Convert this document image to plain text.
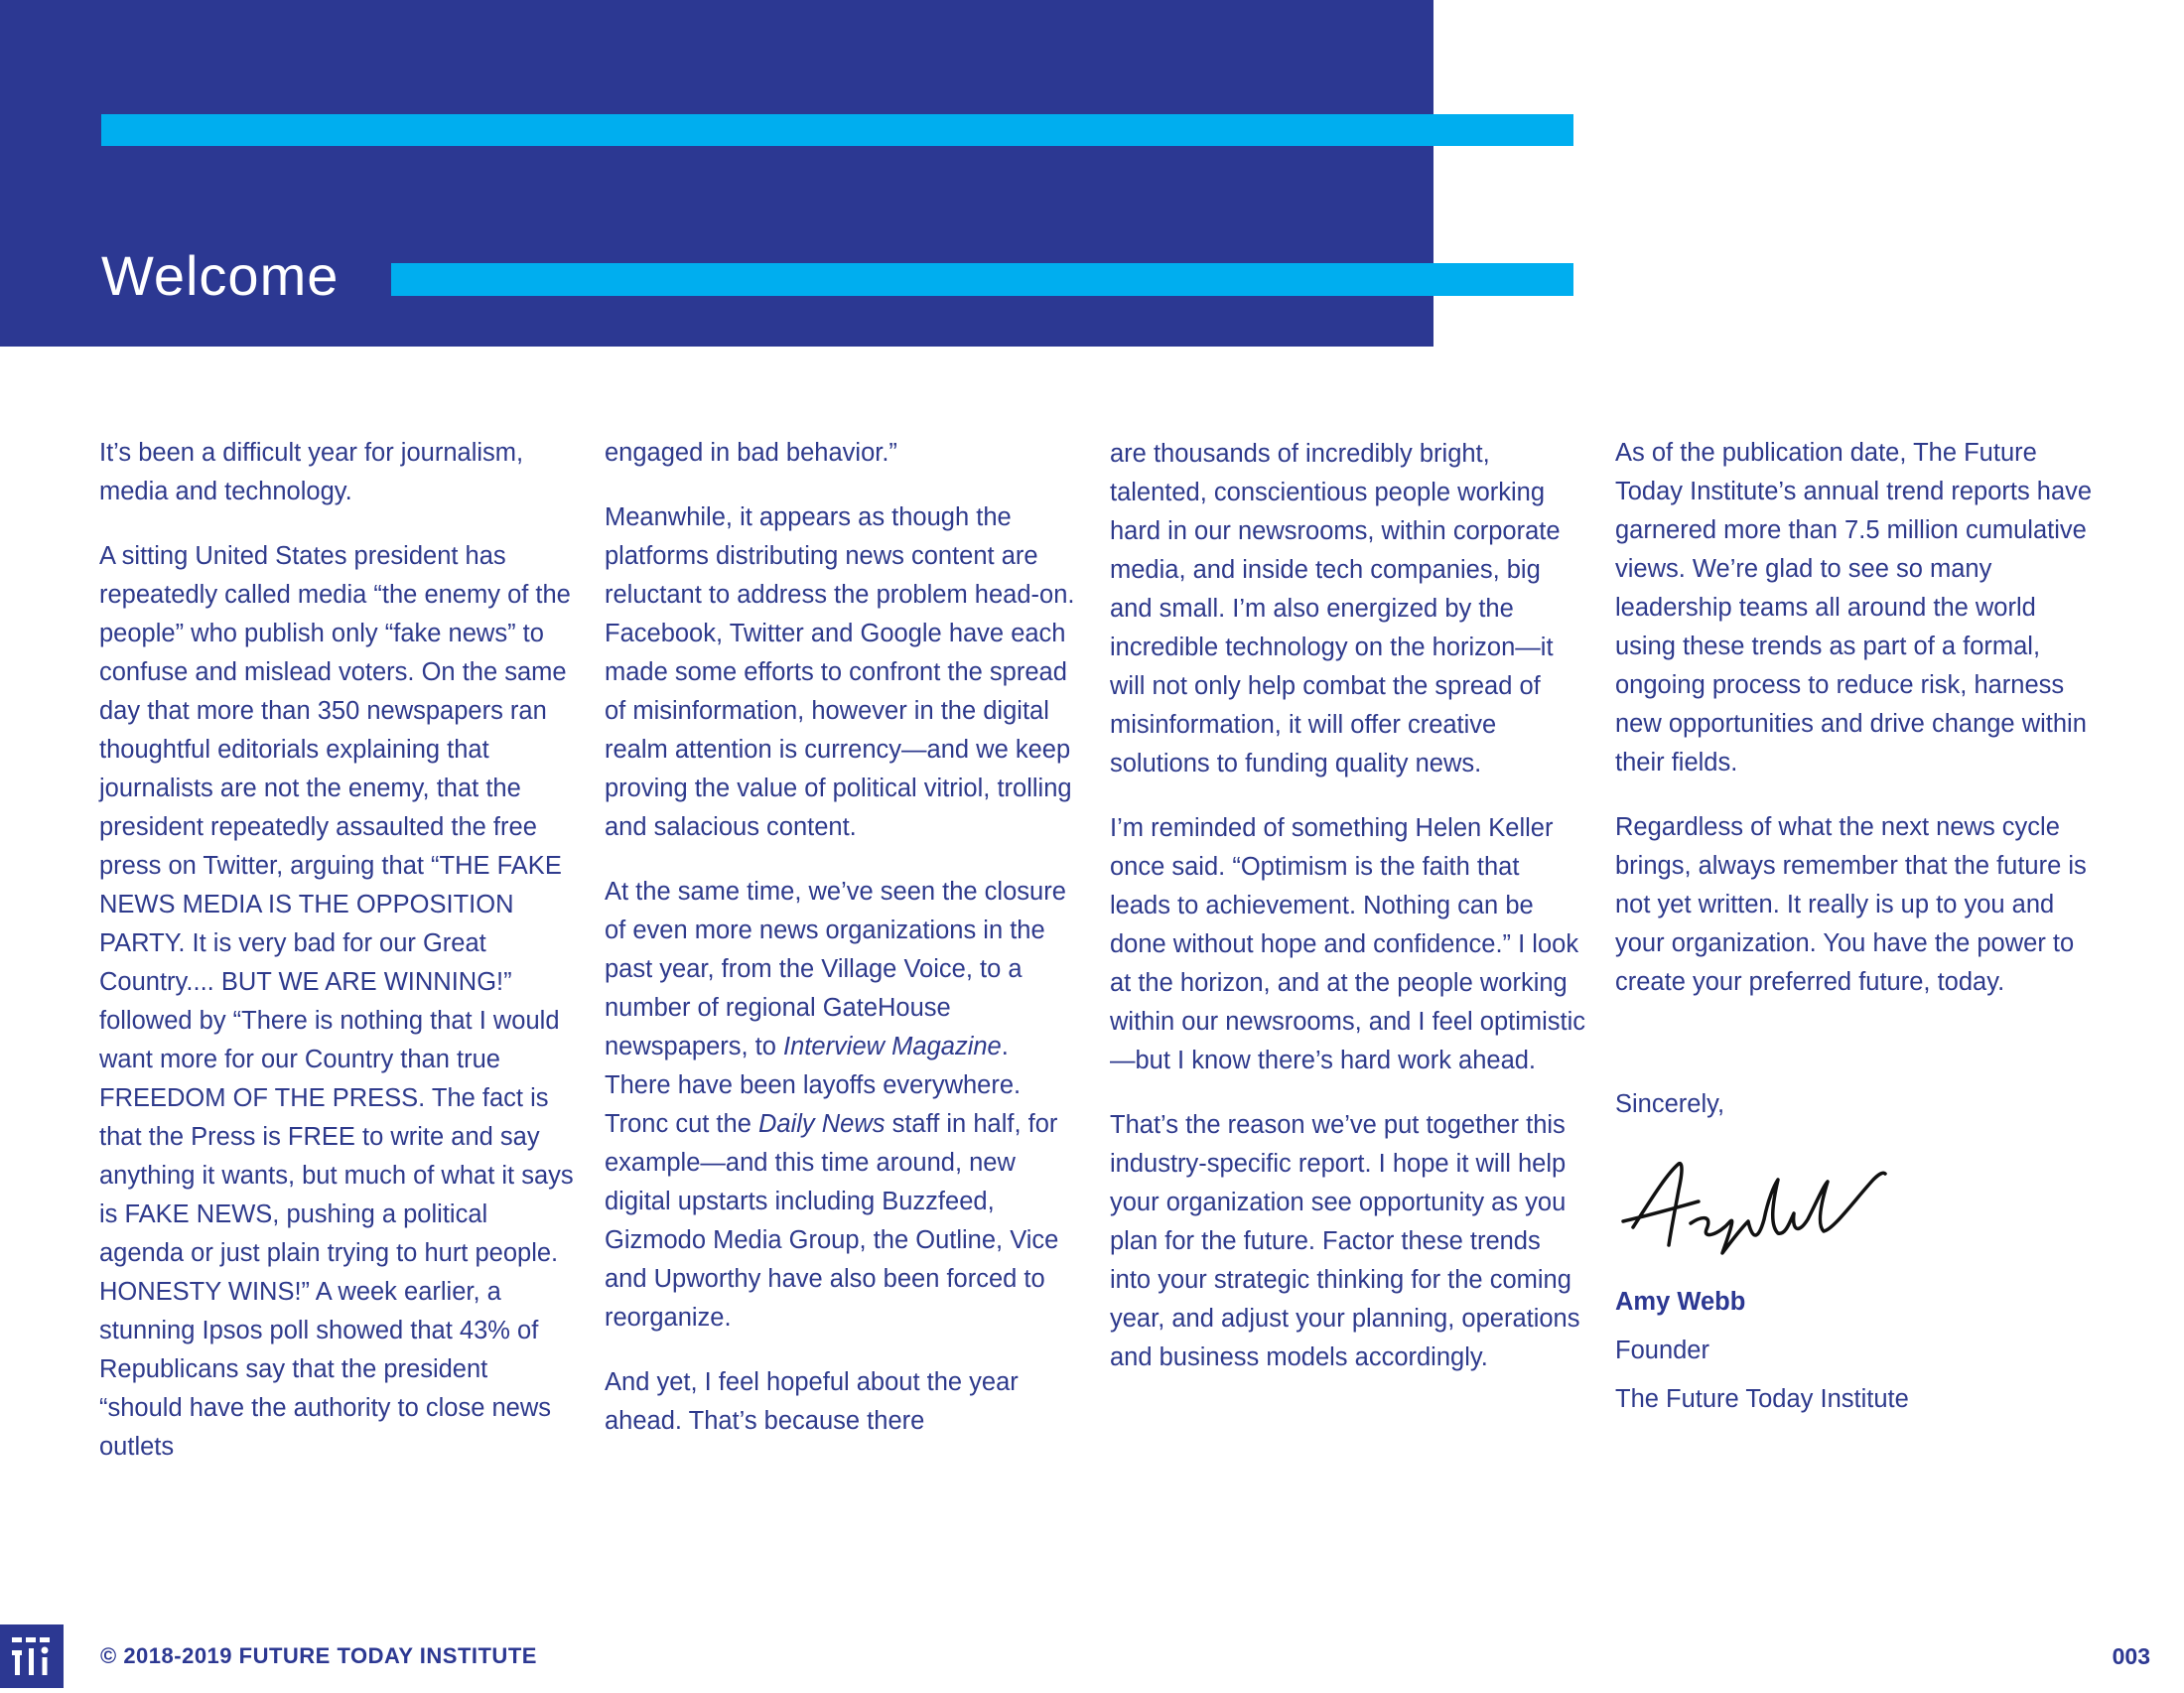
Welcome

It’s been a difficult year for journalism, media and technology.

A sitting United States president has repeatedly called media “the enemy of the people” who publish only “fake news” to confuse and mislead voters. On the same day that more than 350 newspapers ran thoughtful editorials explaining that journalists are not the enemy, that the president repeatedly assaulted the free press on Twitter, arguing that “THE FAKE NEWS MEDIA IS THE OPPOSITION PARTY. It is very bad for our Great Country.... BUT WE ARE WINNING!” followed by “There is nothing that I would want more for our Country than true FREEDOM OF THE PRESS. The fact is that the Press is FREE to write and say anything it wants, but much of what it says is FAKE NEWS, pushing a political agenda or just plain trying to hurt people. HONESTY WINS!” A week earlier, a stunning Ipsos poll showed that 43% of Republicans say that the president “should have the authority to close news outlets

engaged in bad behavior.”

Meanwhile, it appears as though the platforms distributing news content are reluctant to address the problem head-on. Facebook, Twitter and Google have each made some efforts to confront the spread of misinformation, however in the digital realm attention is currency—and we keep proving the value of political vitriol, trolling and salacious content.

At the same time, we’ve seen the closure of even more news organizations in the past year, from the Village Voice, to a number of regional GateHouse newspapers, to Interview Magazine. There have been layoffs everywhere. Tronc cut the Daily News staff in half, for example—and this time around, new digital upstarts including Buzzfeed, Gizmodo Media Group, the Outline, Vice and Upworthy have also been forced to reorganize.

And yet, I feel hopeful about the year ahead. That’s because there

are thousands of incredibly bright, talented, conscientious people working hard in our newsrooms, within corporate media, and inside tech companies, big and small. I’m also energized by the incredible technology on the horizon—it will not only help combat the spread of misinformation, it will offer creative solutions to funding quality news.

I’m reminded of something Helen Keller once said. “Optimism is the faith that leads to achievement. Nothing can be done without hope and confidence.” I look at the horizon, and at the people working within our newsrooms, and I feel optimistic—but I know there’s hard work ahead.

That’s the reason we’ve put together this industry-specific report. I hope it will help your organization see opportunity as you plan for the future. Factor these trends into your strategic thinking for the coming year, and adjust your planning, operations and business models accordingly.

As of the publication date, The Future Today Institute’s annual trend reports have garnered more than 7.5 million cumulative views. We’re glad to see so many leadership teams all around the world using these trends as part of a formal, ongoing process to reduce risk, harness new opportunities and drive change within their fields.

Regardless of what the next news cycle brings, always remember that the future is not yet written. It really is up to you and your organization. You have the power to create your preferred future, today.

Sincerely,

Amy Webb

Founder

The Future Today Institute

© 2018-2019 FUTURE TODAY INSTITUTE	003
